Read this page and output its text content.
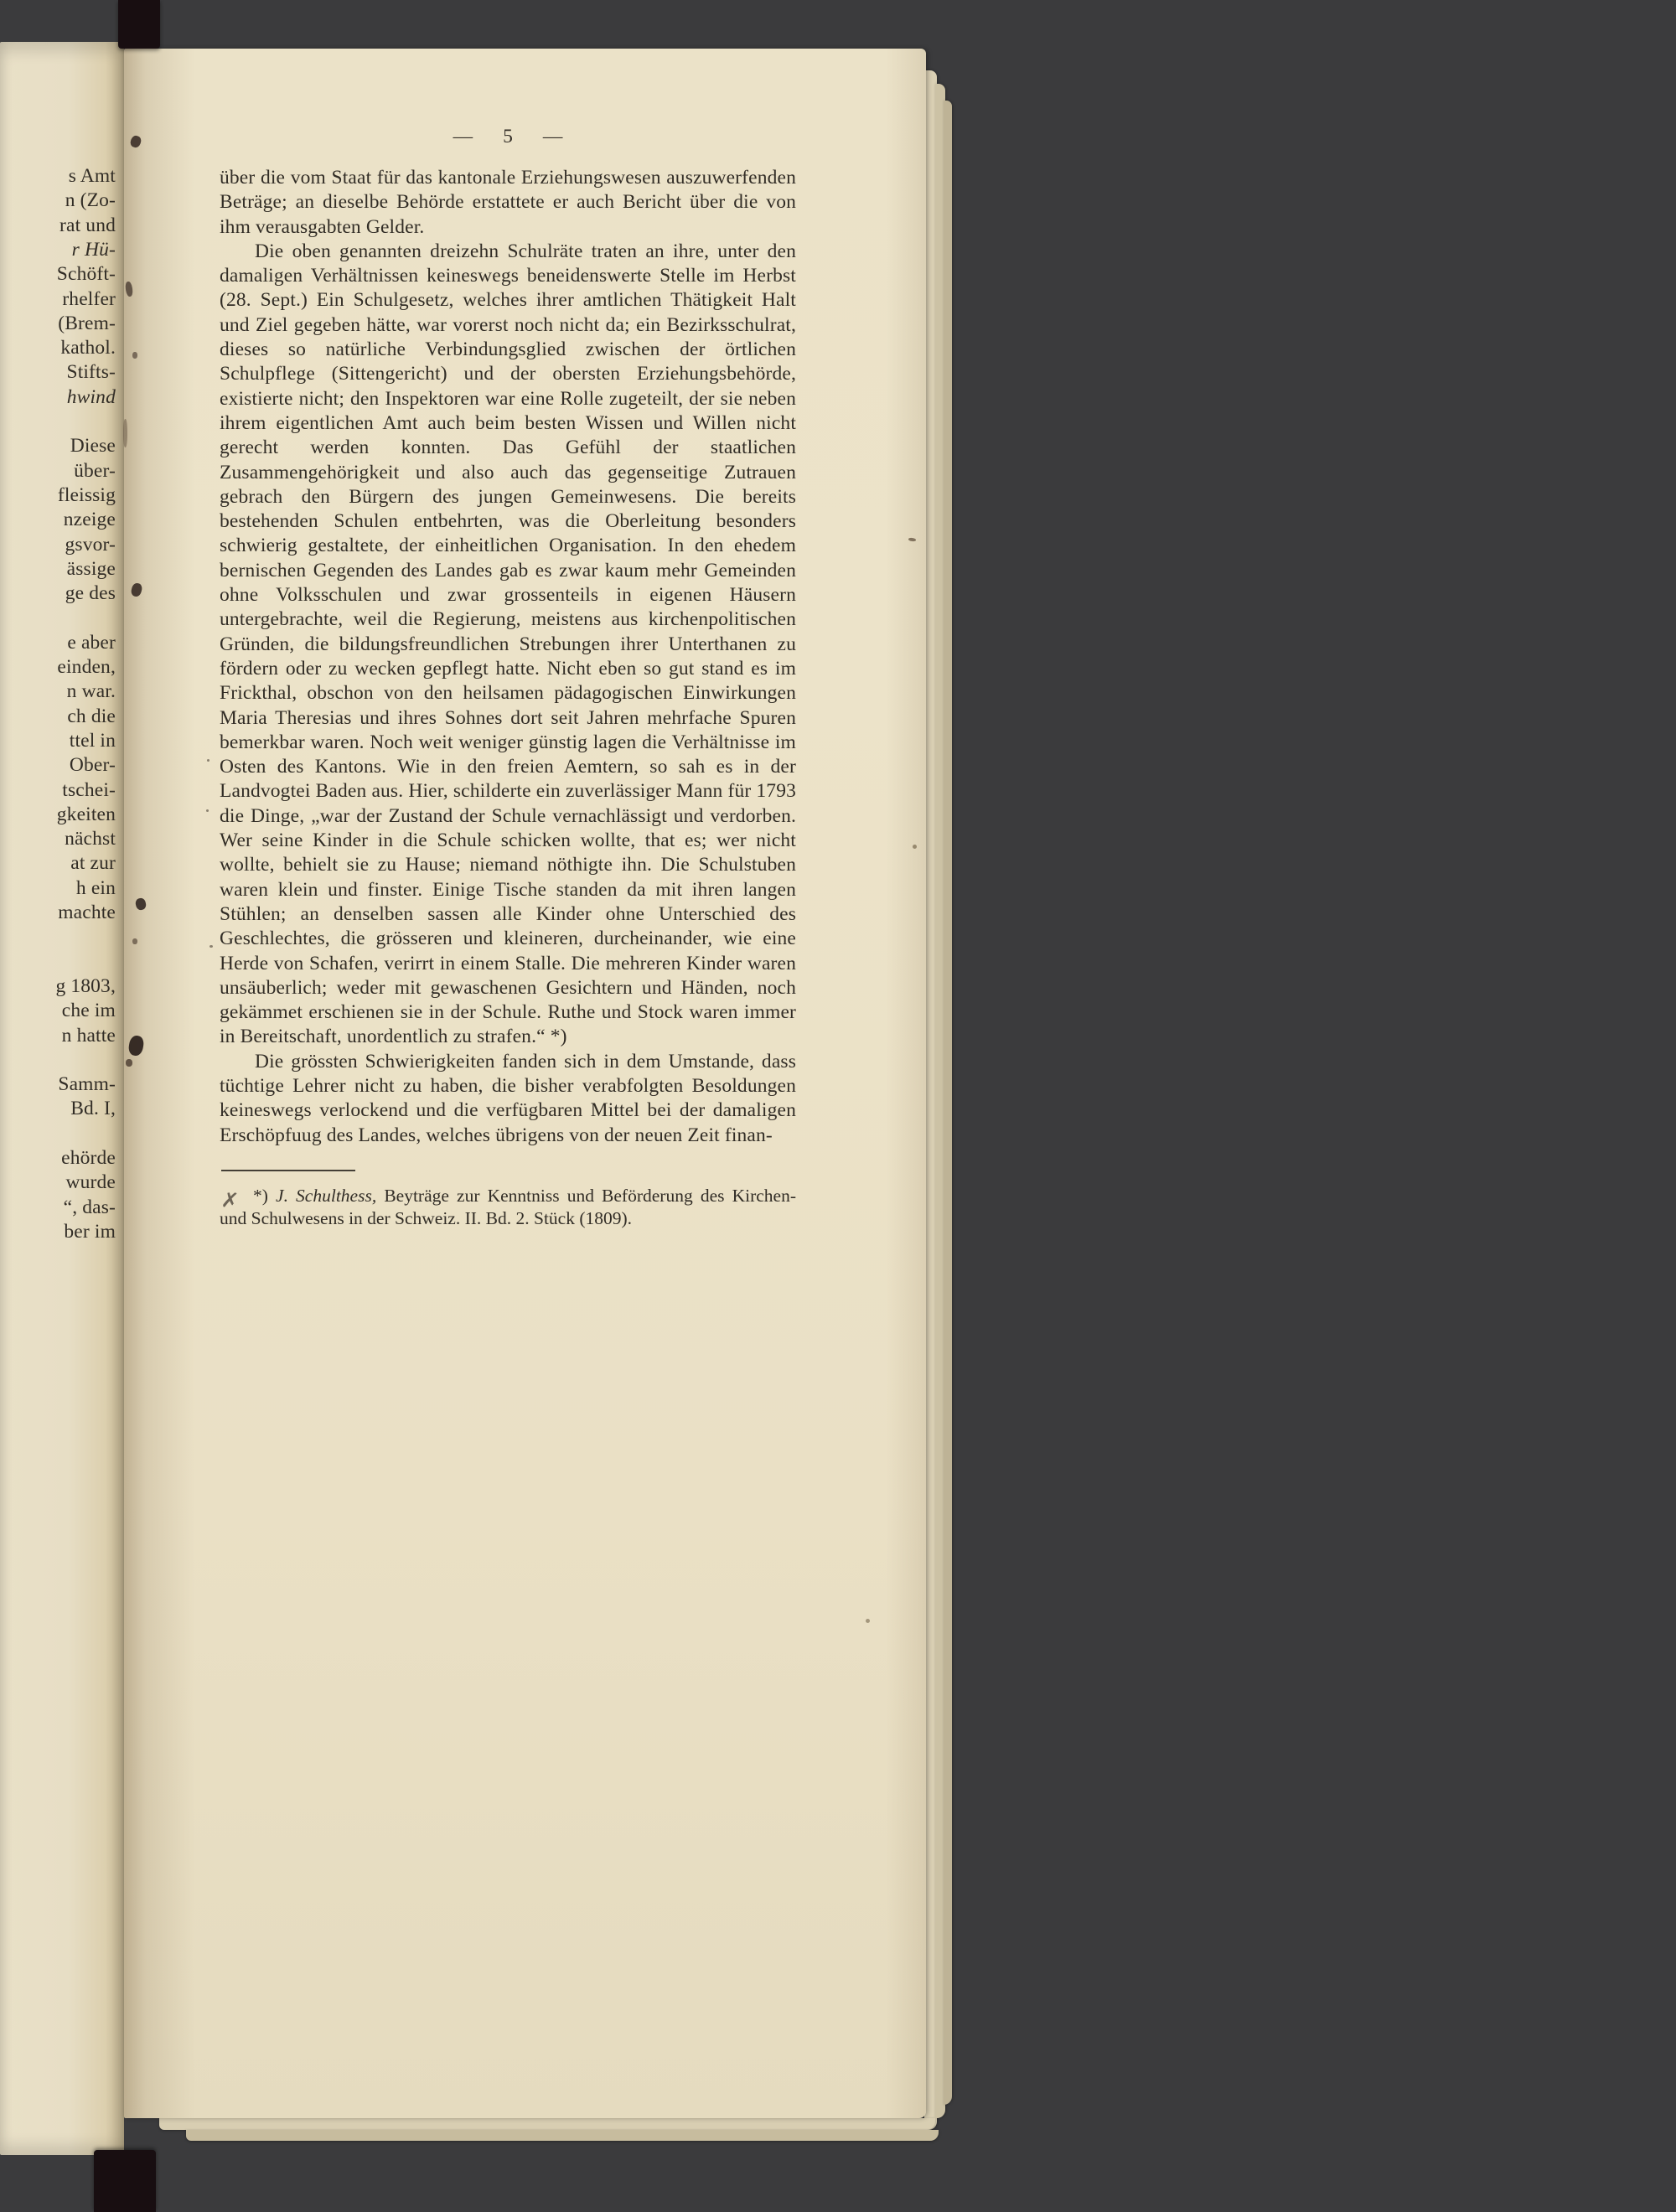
s Amt
n (Zo-
rat und
r Hü-
Schöft-
rhelfer
(Brem-
kathol.
Stifts-
hwind
Diese
über-
fleissig
nzeige
gsvor-
ässige
ge des
e aber
einden,
n war.
ch die
ttel in
Ober-
tschei-
gkeiten
nächst
at zur
h ein
machte
g 1803,
che im
n hatte
Samm-
Bd. I,
ehörde
wurde
“, das-
ber im
— 5 —

über die vom Staat für das kantonale Erziehungswesen auszuwerfenden Beträge; an dieselbe Behörde erstattete er auch Bericht über die von ihm verausgabten Gelder.

Die oben genannten dreizehn Schulräte traten an ihre, unter den damaligen Verhältnissen keineswegs beneidenswerte Stelle im Herbst (28. Sept.) Ein Schulgesetz, welches ihrer amtlichen Thätigkeit Halt und Ziel gegeben hätte, war vorerst noch nicht da; ein Bezirksschulrat, dieses so natürliche Verbindungsglied zwischen der örtlichen Schulpflege (Sittengericht) und der obersten Erziehungsbehörde, existierte nicht; den Inspektoren war eine Rolle zugeteilt, der sie neben ihrem eigentlichen Amt auch beim besten Wissen und Willen nicht gerecht werden konnten. Das Gefühl der staatlichen Zusammengehörigkeit und also auch das gegenseitige Zutrauen gebrach den Bürgern des jungen Gemeinwesens. Die bereits bestehenden Schulen entbehrten, was die Oberleitung besonders schwierig gestaltete, der einheitlichen Organisation. In den ehedem bernischen Gegenden des Landes gab es zwar kaum mehr Gemeinden ohne Volksschulen und zwar grossenteils in eigenen Häusern untergebrachte, weil die Regierung, meistens aus kirchenpolitischen Gründen, die bildungsfreundlichen Strebungen ihrer Unterthanen zu fördern oder zu wecken gepflegt hatte. Nicht eben so gut stand es im Frickthal, obschon von den heilsamen pädagogischen Einwirkungen Maria Theresias und ihres Sohnes dort seit Jahren mehrfache Spuren bemerkbar waren. Noch weit weniger günstig lagen die Verhältnisse im Osten des Kantons. Wie in den freien Aemtern, so sah es in der Landvogtei Baden aus. Hier, schilderte ein zuverlässiger Mann für 1793 die Dinge, „war der Zustand der Schule vernachlässigt und verdorben. Wer seine Kinder in die Schule schicken wollte, that es; wer nicht wollte, behielt sie zu Hause; niemand nöthigte ihn. Die Schulstuben waren klein und finster. Einige Tische standen da mit ihren langen Stühlen; an denselben sassen alle Kinder ohne Unterschied des Geschlechtes, die grösseren und kleineren, durcheinander, wie eine Herde von Schafen, verirrt in einem Stalle. Die mehreren Kinder waren unsäuberlich; weder mit gewaschenen Gesichtern und Händen, noch gekämmet erschienen sie in der Schule. Ruthe und Stock waren immer in Bereitschaft, unordentlich zu strafen.“ *)

Die grössten Schwierigkeiten fanden sich in dem Umstande, dass tüchtige Lehrer nicht zu haben, die bisher verabfolgten Besoldungen keineswegs verlockend und die verfügbaren Mittel bei der damaligen Erschöpfuug des Landes, welches übrigens von der neuen Zeit finan-

✗ *) J. Schulthess, Beyträge zur Kenntniss und Beförderung des Kirchen- und Schulwesens in der Schweiz. II. Bd. 2. Stück (1809).
